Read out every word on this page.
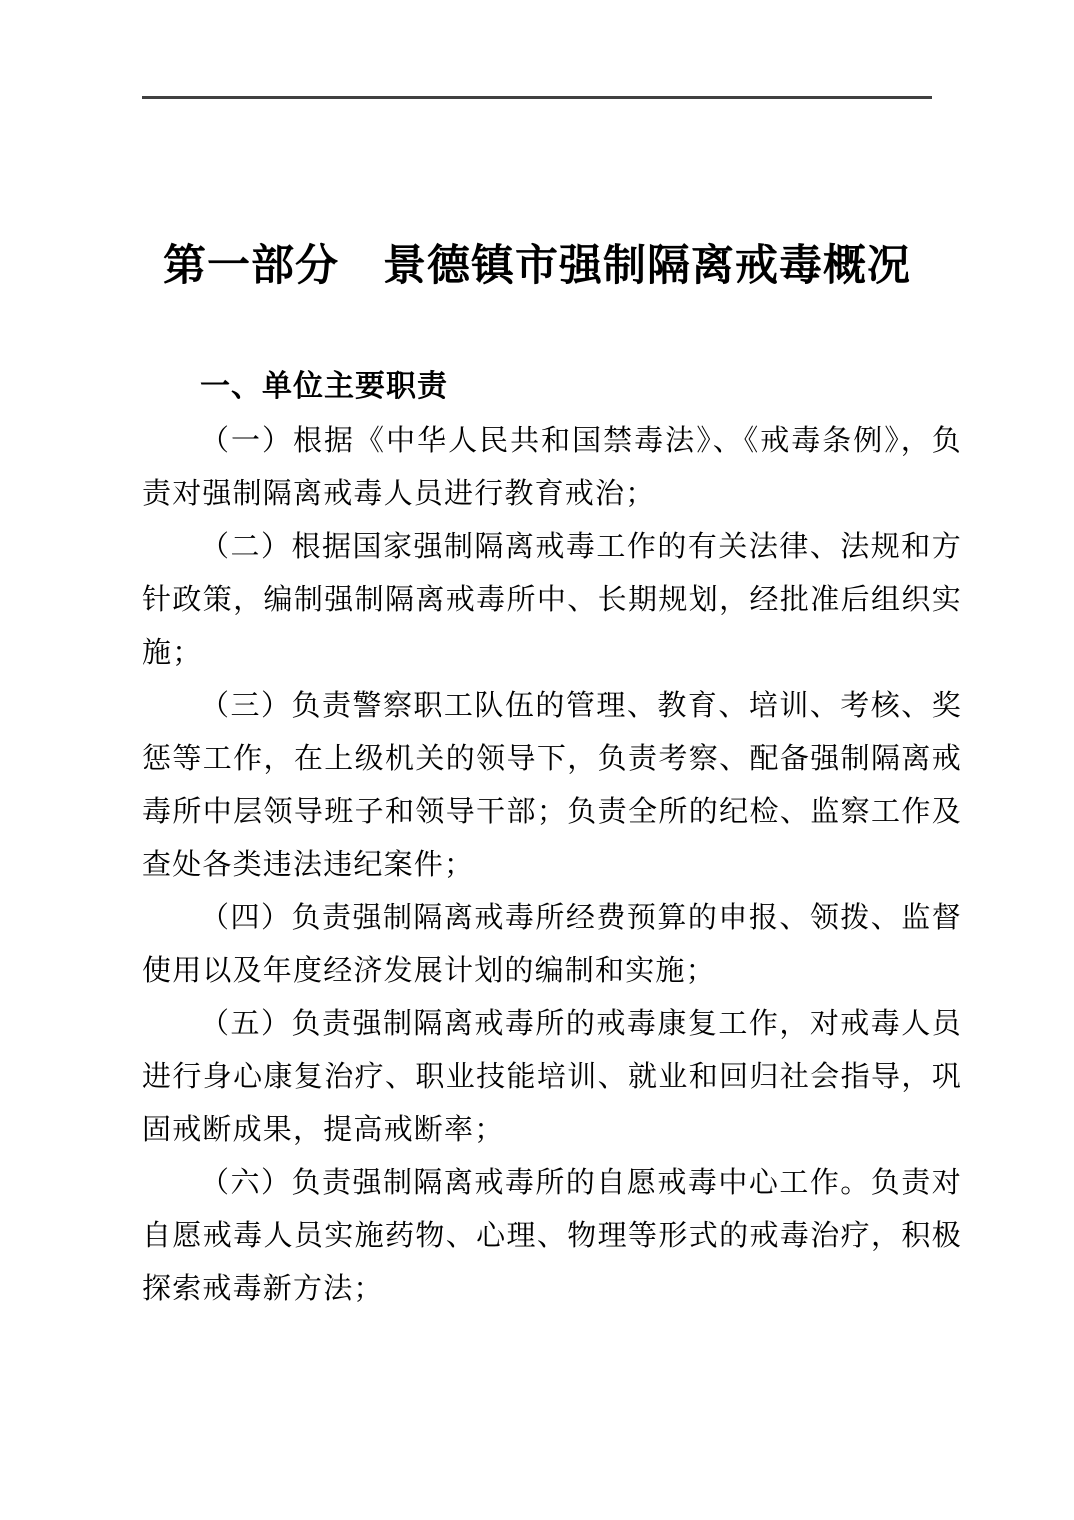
第一部分　景德镇市强制隔离戒毒概况
一、单位主要职责

（一）根据《中华人民共和国禁毒法》、《戒毒条例》，负责对强制隔离戒毒人员进行教育戒治；

（二）根据国家强制隔离戒毒工作的有关法律、法规和方针政策，编制强制隔离戒毒所中、长期规划，经批准后组织实施；

（三）负责警察职工队伍的管理、教育、培训、考核、奖惩等工作，在上级机关的领导下，负责考察、配备强制隔离戒毒所中层领导班子和领导干部；负责全所的纪检、监察工作及查处各类违法违纪案件；

（四）负责强制隔离戒毒所经费预算的申报、领拨、监督使用以及年度经济发展计划的编制和实施；

（五）负责强制隔离戒毒所的戒毒康复工作，对戒毒人员进行身心康复治疗、职业技能培训、就业和回归社会指导，巩固戒断成果，提高戒断率；

（六）负责强制隔离戒毒所的自愿戒毒中心工作。负责对自愿戒毒人员实施药物、心理、物理等形式的戒毒治疗，积极探索戒毒新方法；
